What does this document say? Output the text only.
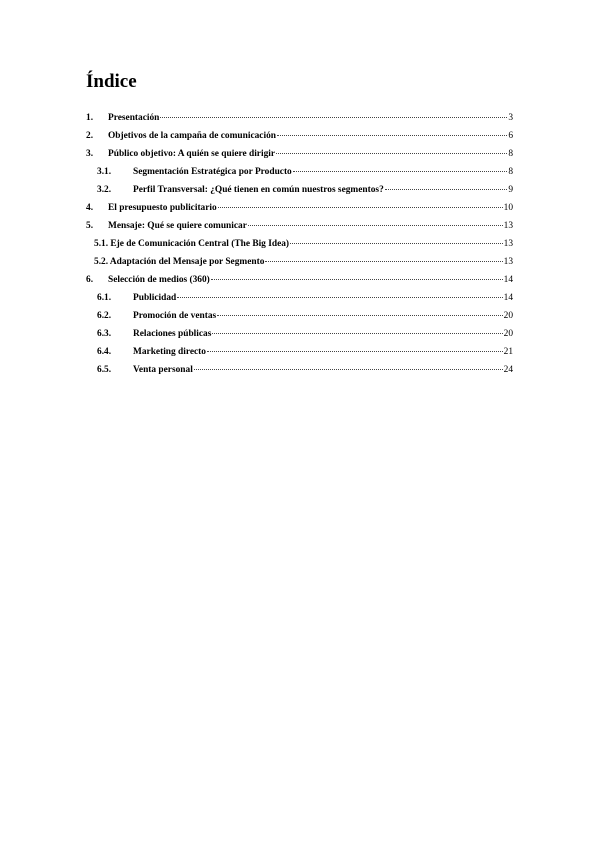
Índice
1.	Presentación	3
2.	Objetivos de la campaña de comunicación	6
3.	Público objetivo: A quién se quiere dirigir	8
3.1.	Segmentación Estratégica por Producto	8
3.2.	Perfil Transversal: ¿Qué tienen en común nuestros segmentos?	9
4.	El presupuesto publicitario	10
5.	Mensaje: Qué se quiere comunicar	13
5.1. Eje de Comunicación Central (The Big Idea)	13
5.2. Adaptación del Mensaje por Segmento	13
6.	Selección de medios (360)	14
6.1.	Publicidad	14
6.2.	Promoción de ventas	20
6.3.	Relaciones públicas	20
6.4.	Marketing directo	21
6.5.	Venta personal	24
